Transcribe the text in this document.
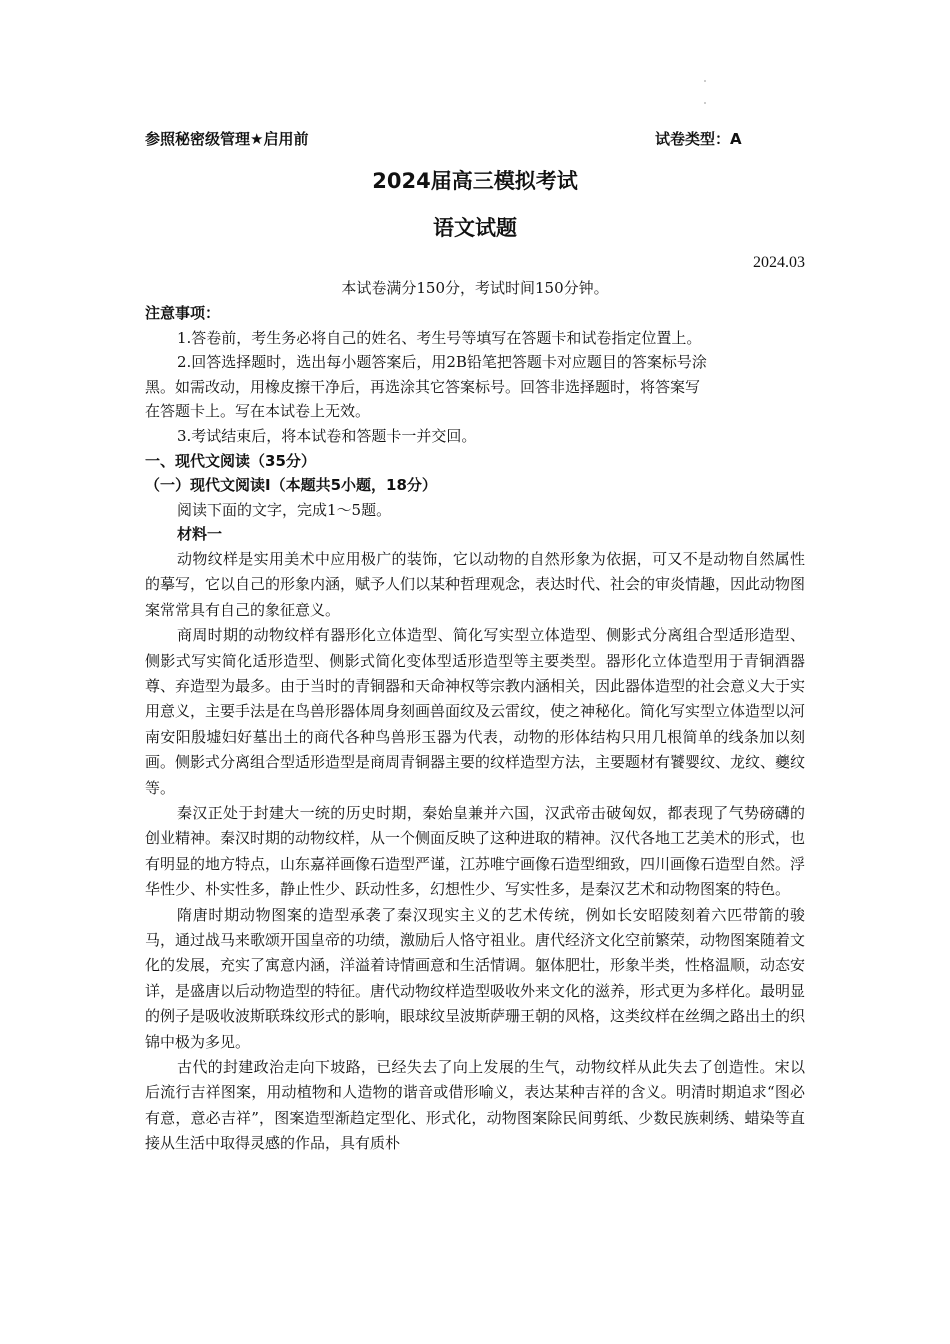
参照秘密级管理★启用前	试卷类型：A
2024届高三模拟考试
语文试题
2024.03
本试卷满分150分，考试时间150分钟。
注意事项：
1.答卷前，考生务必将自己的姓名、考生号等填写在答题卡和试卷指定位置上。
2.回答选择题时，选出每小题答案后，用2B铅笔把答题卡对应题目的答案标号涂
黑。如需改动，用橡皮擦干净后，再选涂其它答案标号。回答非选择题时，将答案写
在答题卡上。写在本试卷上无效。
3.考试结束后，将本试卷和答题卡一并交回。
一、现代文阅读（35分）
（一）现代文阅读Ⅰ（本题共5小题，18分）
阅读下面的文字，完成1～5题。
材料一

动物纹样是实用美术中应用极广的装饰，它以动物的自然形象为依据，可又不是动物自然属性的摹写，它以自己的形象内涵，赋予人们以某种哲理观念，表达时代、社会的审炎情趣，因此动物图案常常具有自己的象征意义。

商周时期的动物纹样有器形化立体造型、简化写实型立体造型、侧影式分离组合型适形造型、侧影式写实简化适形造型、侧影式简化变体型适形造型等主要类型。器形化立体造型用于青铜酒器尊、弃造型为最多。由于当时的青铜器和天命神权等宗教内涵相关，因此器体造型的社会意义大于实用意义，主要手法是在鸟兽形器体周身刻画兽面纹及云雷纹，使之神秘化。简化写实型立体造型以河南安阳殷墟妇好墓出土的商代各种鸟兽形玉器为代表，动物的形体结构只用几根简单的线条加以刻画。侧影式分离组合型适形造型是商周青铜器主要的纹样造型方法，主要题材有饕婴纹、龙纹、夔纹等。

秦汉正处于封建大一统的历史时期，秦始皇兼并六国，汉武帝击破匈奴，都表现了气势磅礴的创业精神。秦汉时期的动物纹样，从一个侧面反映了这种进取的精神。汉代各地工艺美术的形式，也有明显的地方特点，山东嘉祥画像石造型严谨，江苏唯宁画像石造型细致，四川画像石造型自然。浮华性少、朴实性多，静止性少、跃动性多，幻想性少、写实性多，是秦汉艺术和动物图案的特色。

隋唐时期动物图案的造型承袭了秦汉现实主义的艺术传统，例如长安昭陵刻着六匹带箭的骏马，通过战马来歌颂开国皇帝的功绩，激励后人恪守祖业。唐代经济文化空前繁荣，动物图案随着文化的发展，充实了寓意内涵，洋溢着诗情画意和生活情调。躯体肥壮，形象半类，性格温顺，动态安详，是盛唐以后动物造型的特征。唐代动物纹样造型吸收外来文化的滋养，形式更为多样化。最明显的例子是吸收波斯联珠纹形式的影响，眼球纹呈波斯萨珊王朝的风格，这类纹样在丝绸之路出土的织锦中极为多见。

古代的封建政治走向下坡路，已经失去了向上发展的生气，动物纹样从此失去了创造性。宋以后流行吉祥图案，用动植物和人造物的谐音或借形喻义，表达某种吉祥的含义。明清时期追求“图必有意，意必吉祥”，图案造型渐趋定型化、形式化，动物图案除民间剪纸、少数民族刺绣、蜡染等直接从生活中取得灵感的作品，具有质朴
